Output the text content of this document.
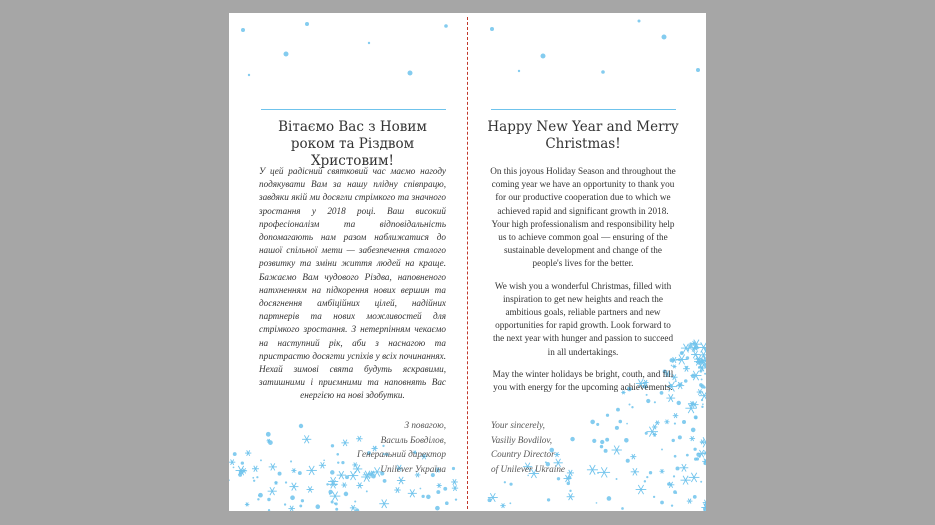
Вітаємо Вас з Новим роком та Різдвом Христовим!

У цей радісний святковий час маємо нагоду подякувати Вам за нашу плідну співпрацю, завдяки якій ми досягли стрімкого та значного зростання у 2018 році. Ваш високий професіоналізм та відповідальність допомагають нам разом наближатися до нашої спільної мети — забезпечення сталого розвитку та зміни життя людей на краще. Бажаємо Вам чудового Різдва, наповненого натхненням на підкорення нових вершин та досягнення амбіційних цілей, надійних партнерів та нових можливостей для стрімкого зростання. З нетерпінням чекаємо на наступний рік, аби з наснагою та пристрастю досягти успіхів у всіх починаннях. Нехай зимові свята будуть яскравими, затишними і приємними та наповнять Вас енергією на нові здобутки.

З повагою,
Василь Бовділов,
Генеральний директор
Unilever Україна
Happy New Year and Merry Christmas!

On this joyous Holiday Season and throughout the coming year we have an opportunity to thank you for our productive cooperation due to which we achieved rapid and significant growth in 2018. Your high professionalism and responsibility help us to achieve common goal — ensuring of the sustainable development and change of the people's lives for the better.

We wish you a wonderful Christmas, filled with inspiration to get new heights and reach the ambitious goals, reliable partners and new opportunities for rapid growth. Look forward to the next year with hunger and passion to succeed in all undertakings.

May the winter holidays be bright, couth, and fill you with energy for the upcoming achievements.

Your sincerely,
Vasiliy Bovdilov,
Country Director
of Unilever Ukraine
